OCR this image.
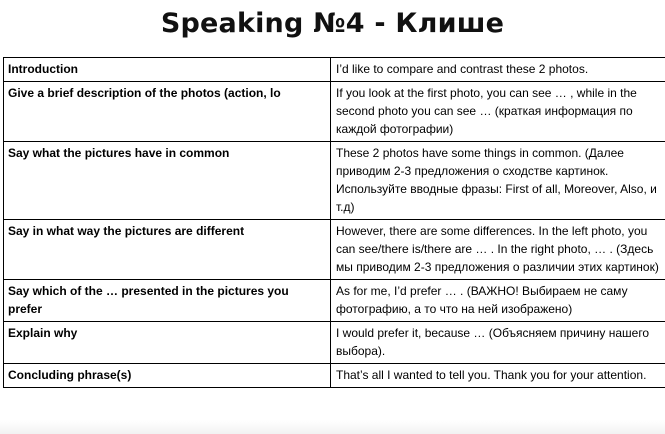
Speaking №4 - Клише
Introduction	I’d like to compare and contrast these 2 photos.
Give a brief description of the photos (action, lo	If you look at the first photo, you can see … , while in the second photo you can see … (краткая информация по каждой фотографии)
Say what the pictures have in common	These 2 photos have some things in common. (Далее приводим 2-3 предложения о сходстве картинок. Используйте вводные фразы: First of all, Moreover, Also, и т.д)
Say in what way the pictures are different	However, there are some differences. In the left photo, you can see/there is/there are … . In the right photo, … . (Здесь мы приводим 2-3 предложения о различии этих картинок)
Say which of the … presented in the pictures you prefer	As for me, I’d prefer … . (ВАЖНО! Выбираем не саму фотографию, а то что на ней изображено)
Explain why	I would prefer it, because … (Объясняем причину нашего выбора).
Concluding phrase(s)	That’s all I wanted to tell you. Thank you for your attention.
